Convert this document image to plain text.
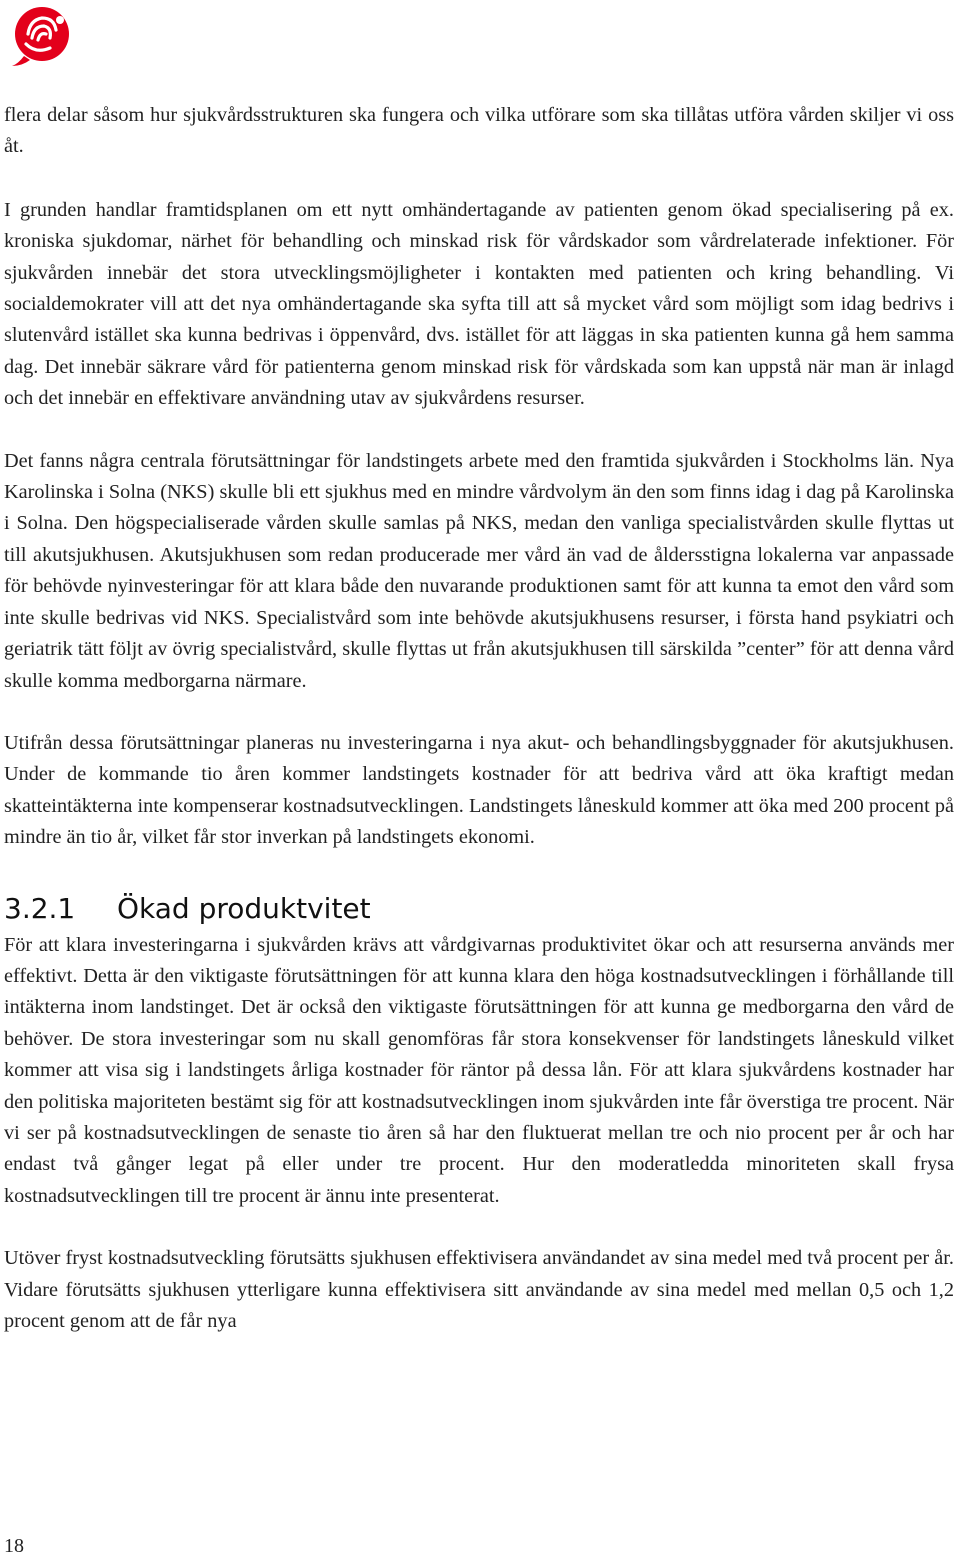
flera delar såsom hur sjukvårdsstrukturen ska fungera och vilka utförare som ska tillåtas utföra vården skiljer vi oss åt.

I grunden handlar framtidsplanen om ett nytt omhändertagande av patienten genom ökad specialisering på ex. kroniska sjukdomar, närhet för behandling och minskad risk för vårdskador som vårdrelaterade infektioner. För sjukvården innebär det stora utvecklingsmöjligheter i kontakten med patienten och kring behandling. Vi socialdemokrater vill att det nya omhändertagande ska syfta till att så mycket vård som möjligt som idag bedrivs i slutenvård istället ska kunna bedrivas i öppenvård, dvs. istället för att läggas in ska patienten kunna gå hem samma dag. Det innebär säkrare vård för patienterna genom minskad risk för vårdskada som kan uppstå när man är inlagd och det innebär en effektivare användning utav av sjukvårdens resurser.

Det fanns några centrala förutsättningar för landstingets arbete med den framtida sjukvården i Stockholms län. Nya Karolinska i Solna (NKS) skulle bli ett sjukhus med en mindre vårdvolym än den som finns idag i dag på Karolinska i Solna. Den högspecialiserade vården skulle samlas på NKS, medan den vanliga specialistvården skulle flyttas ut till akutsjukhusen. Akutsjukhusen som redan producerade mer vård än vad de åldersstigna lokalerna var anpassade för behövde nyinvesteringar för att klara både den nuvarande produktionen samt för att kunna ta emot den vård som inte skulle bedrivas vid NKS. Specialistvård som inte behövde akutsjukhusens resurser, i första hand psykiatri och geriatrik tätt följt av övrig specialistvård, skulle flyttas ut från akutsjukhusen till särskilda ”center” för att denna vård skulle komma medborgarna närmare.

Utifrån dessa förutsättningar planeras nu investeringarna i nya akut- och behandlingsbyggnader för akutsjukhusen. Under de kommande tio åren kommer landstingets kostnader för att bedriva vård att öka kraftigt medan skatteintäkterna inte kompenserar kostnadsutvecklingen. Landstingets låneskuld kommer att öka med 200 procent på mindre än tio år, vilket får stor inverkan på landstingets ekonomi.

3.2.1 Ökad produktvitet

För att klara investeringarna i sjukvården krävs att vårdgivarnas produktivitet ökar och att resurserna används mer effektivt. Detta är den viktigaste förutsättningen för att kunna klara den höga kostnadsutvecklingen i förhållande till intäkterna inom landstinget. Det är också den viktigaste förutsättningen för att kunna ge medborgarna den vård de behöver. De stora investeringar som nu skall genomföras får stora konsekvenser för landstingets låneskuld vilket kommer att visa sig i landstingets årliga kostnader för räntor på dessa lån. För att klara sjukvårdens kostnader har den politiska majoriteten bestämt sig för att kostnadsutvecklingen inom sjukvården inte får överstiga tre procent. När vi ser på kostnadsutvecklingen de senaste tio åren så har den fluktuerat mellan tre och nio procent per år och har endast två gånger legat på eller under tre procent. Hur den moderatledda minoriteten skall frysa kostnadsutvecklingen till tre procent är ännu inte presenterat.

Utöver fryst kostnadsutveckling förutsätts sjukhusen effektivisera användandet av sina medel med två procent per år. Vidare förutsätts sjukhusen ytterligare kunna effektivisera sitt användande av sina medel med mellan 0,5 och 1,2 procent genom att de får nya

18
